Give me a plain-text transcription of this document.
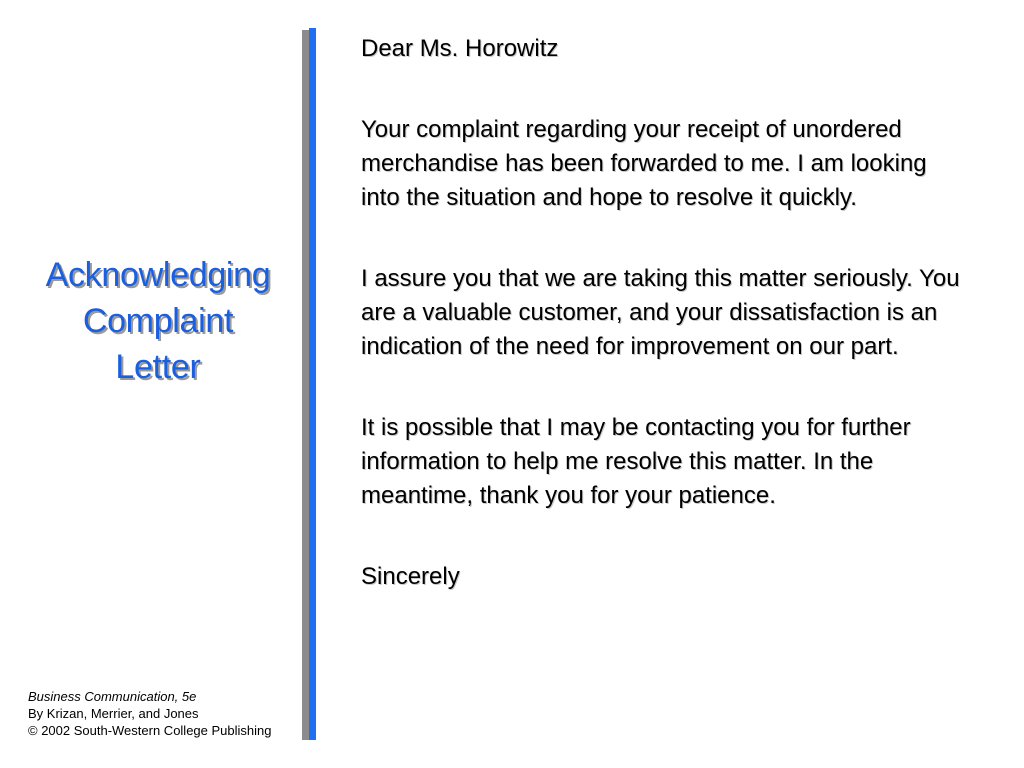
Acknowledging
Complaint
Letter

Dear Ms. Horowitz

Your complaint regarding your receipt of unordered merchandise has been forwarded to me. I am looking into the situation and hope to resolve it quickly.

I assure you that we are taking this matter seriously. You are a valuable customer, and your dissatisfaction is an indication of the need for improvement on our part.

It is possible that I may be contacting you for further information to help me resolve this matter. In the meantime, thank you for your patience.

Sincerely

Business Communication, 5e
By Krizan, Merrier, and Jones
© 2002 South-Western College Publishing
